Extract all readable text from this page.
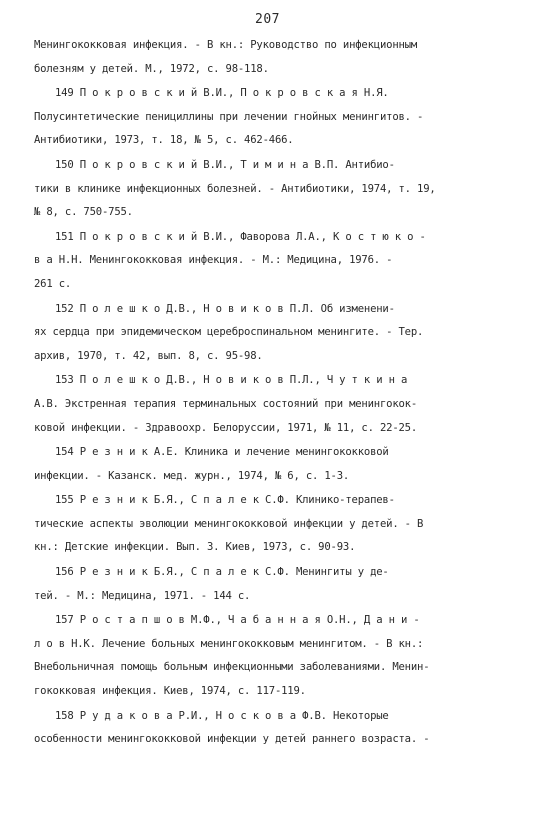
207
Менингококковая инфекция. - В кн.: Руководство по инфекционным
болезням у детей. М., 1972, с. 98-118.
149 П о к р о в с к и й В.И., П о к р о в с к а я Н.Я.
Полусинтетические пенициллины при лечении гнойных менингитов. -
Антибиотики, 1973, т. 18, № 5, с. 462-466.
150 П о к р о в с к и й В.И., Т и м и н а В.П. Антибио-
тики в клинике инфекционных болезней. - Антибиотики, 1974, т. 19,
№ 8, с. 750-755.
151 П о к р о в с к и й В.И., Фаворова Л.А., К о с т ю к о -
в а Н.Н. Менингококковая инфекция. - М.: Медицина, 1976. -
261 с.
152 П о л е ш к о Д.В., Н о в и к о в П.Л. Об изменени-
ях сердца при эпидемическом цереброспинальном менингите. - Тер.
архив, 1970, т. 42, вып. 8, с. 95-98.
153 П о л е ш к о Д.В., Н о в и к о в П.Л., Ч у т к и н а
А.В. Экстренная терапия терминальных состояний при менингокок-
ковой инфекции. - Здравоохр. Белоруссии, 1971, № 11, с. 22-25.
154 Р е з н и к А.Е. Клиника и лечение менингококковой
инфекции. - Казанск. мед. журн., 1974, № 6, с. 1-3.
155 Р е з н и к Б.Я., С п а л е к С.Ф. Клинико-терапев-
тические аспекты эволюции менингококковой инфекции у детей. - В
кн.: Детские инфекции. Вып. 3. Киев, 1973, с. 90-93.
156 Р е з н и к Б.Я., С п а л е к С.Ф. Менингиты у де-
тей. - М.: Медицина, 1971. - 144 с.
157 Р о с т а п ш о в М.Ф., Ч а б а н н а я О.Н., Д а н и -
л о в Н.К. Лечение больных менингококковым менингитом. - В кн.:
Внебольничная помощь больным инфекционными заболеваниями. Менин-
гококковая инфекция. Киев, 1974, с. 117-119.
158 Р у д а к о в а Р.И., Н о с к о в а Ф.В. Некоторые
особенности менингококковой инфекции у детей раннего возраста. -
